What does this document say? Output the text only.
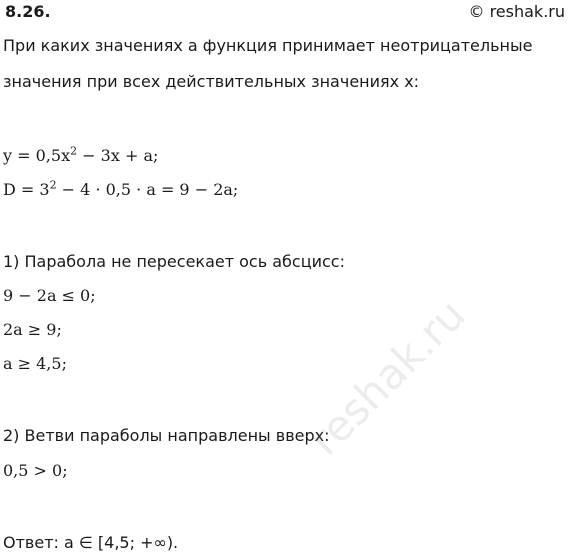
8.26.	© reshak.ru
При каких значениях a функция принимает неотрицательные
значения при всех действительных значениях x:
$y = 0,5x^2 - 3x + a$;
$D = 3^2 - 4 \cdot 0,5 \cdot a = 9 - 2a$;
1) Парабола не пересекает ось абсцисс:
9 − 2a ≤ 0;
2a ≥ 9;
a ≥ 4,5;
2) Ветви параболы направлены вверх:
0,5 > 0;
Ответ: a ∈ [4,5; +∞).
reshak.ru
